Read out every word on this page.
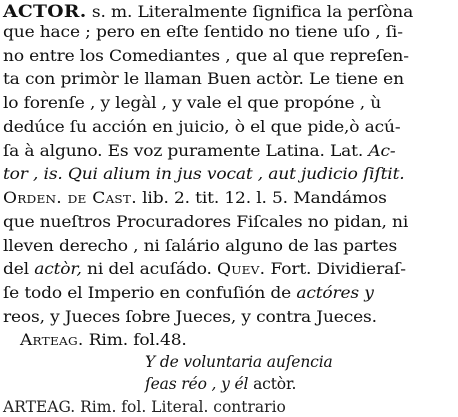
ACTOR. s. m. Literalmente ſignifica la perſòna
que hace ; pero en eſte ſentido no tiene uſo , ſi-
no entre los Comediantes , que al que repreſen-
ta con primòr le llaman Buen actòr. Le tiene en
lo forenſe , y legàl , y vale el que propóne , ù
dedúce ſu acción en juicio, ò el que pide,ò acú-
ſa à alguno. Es voz puramente Latina. Lat. Ac-
tor , is. Qui alium in jus vocat , aut judicio ſiſtit.
Orden. de Cast. lib. 2. tit. 12. l. 5. Mandámos
que nueſtros Procuradores Fiſcales no pidan, ni
lleven derecho , ni ſalário alguno de las partes
del actòr, ni del acuſádo. Quev. Fort. Dividieraſ-
ſe todo el Imperio en confuſión de actóres y
reos, y Jueces ſobre Jueces, y contra Jueces.
Arteag. Rim. fol.48.
Y de voluntaria auſencia
ſeas réo , y él actòr.
ARTEAG. Rim. fol. Literal. contrario
